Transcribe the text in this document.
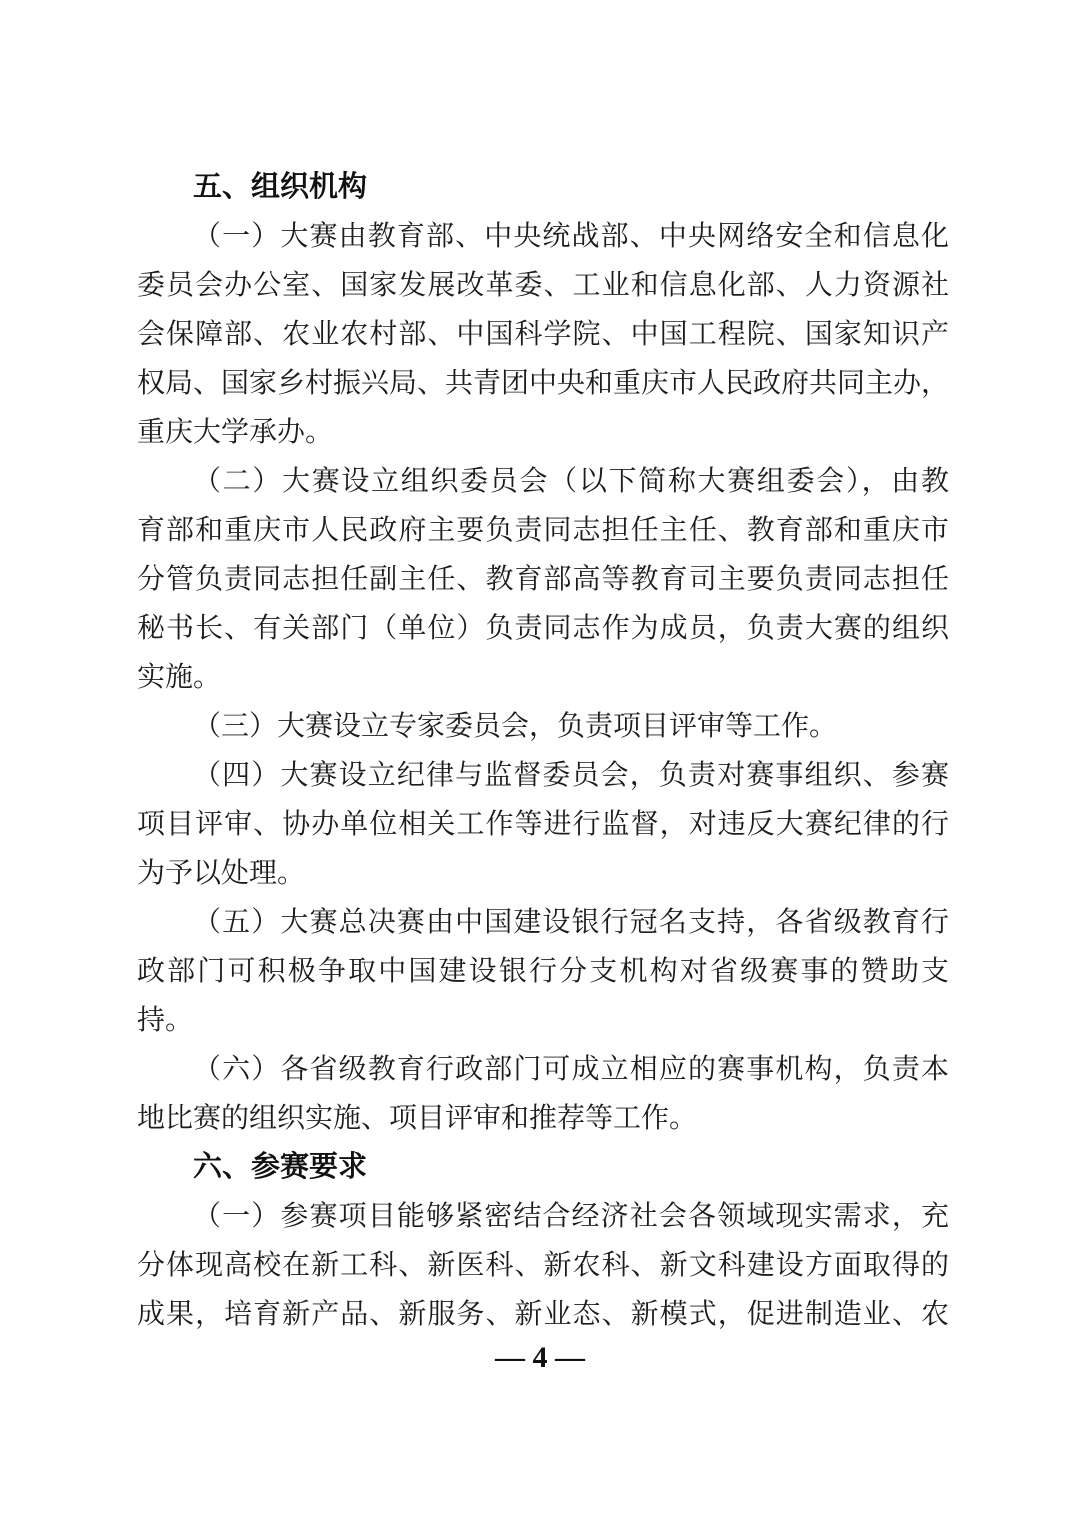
五、组织机构
（一）大赛由教育部、中央统战部、中央网络安全和信息化
委员会办公室、国家发展改革委、工业和信息化部、人力资源社
会保障部、农业农村部、中国科学院、中国工程院、国家知识产
权局、国家乡村振兴局、共青团中央和重庆市人民政府共同主办，
重庆大学承办。
（二）大赛设立组织委员会（以下简称大赛组委会），由教
育部和重庆市人民政府主要负责同志担任主任、教育部和重庆市
分管负责同志担任副主任、教育部高等教育司主要负责同志担任
秘书长、有关部门（单位）负责同志作为成员，负责大赛的组织
实施。
（三）大赛设立专家委员会，负责项目评审等工作。
（四）大赛设立纪律与监督委员会，负责对赛事组织、参赛
项目评审、协办单位相关工作等进行监督，对违反大赛纪律的行
为予以处理。
（五）大赛总决赛由中国建设银行冠名支持，各省级教育行
政部门可积极争取中国建设银行分支机构对省级赛事的赞助支
持。
（六）各省级教育行政部门可成立相应的赛事机构，负责本
地比赛的组织实施、项目评审和推荐等工作。
六、参赛要求
（一）参赛项目能够紧密结合经济社会各领域现实需求，充
分体现高校在新工科、新医科、新农科、新文科建设方面取得的
成果，培育新产品、新服务、新业态、新模式，促进制造业、农
— 4 —
